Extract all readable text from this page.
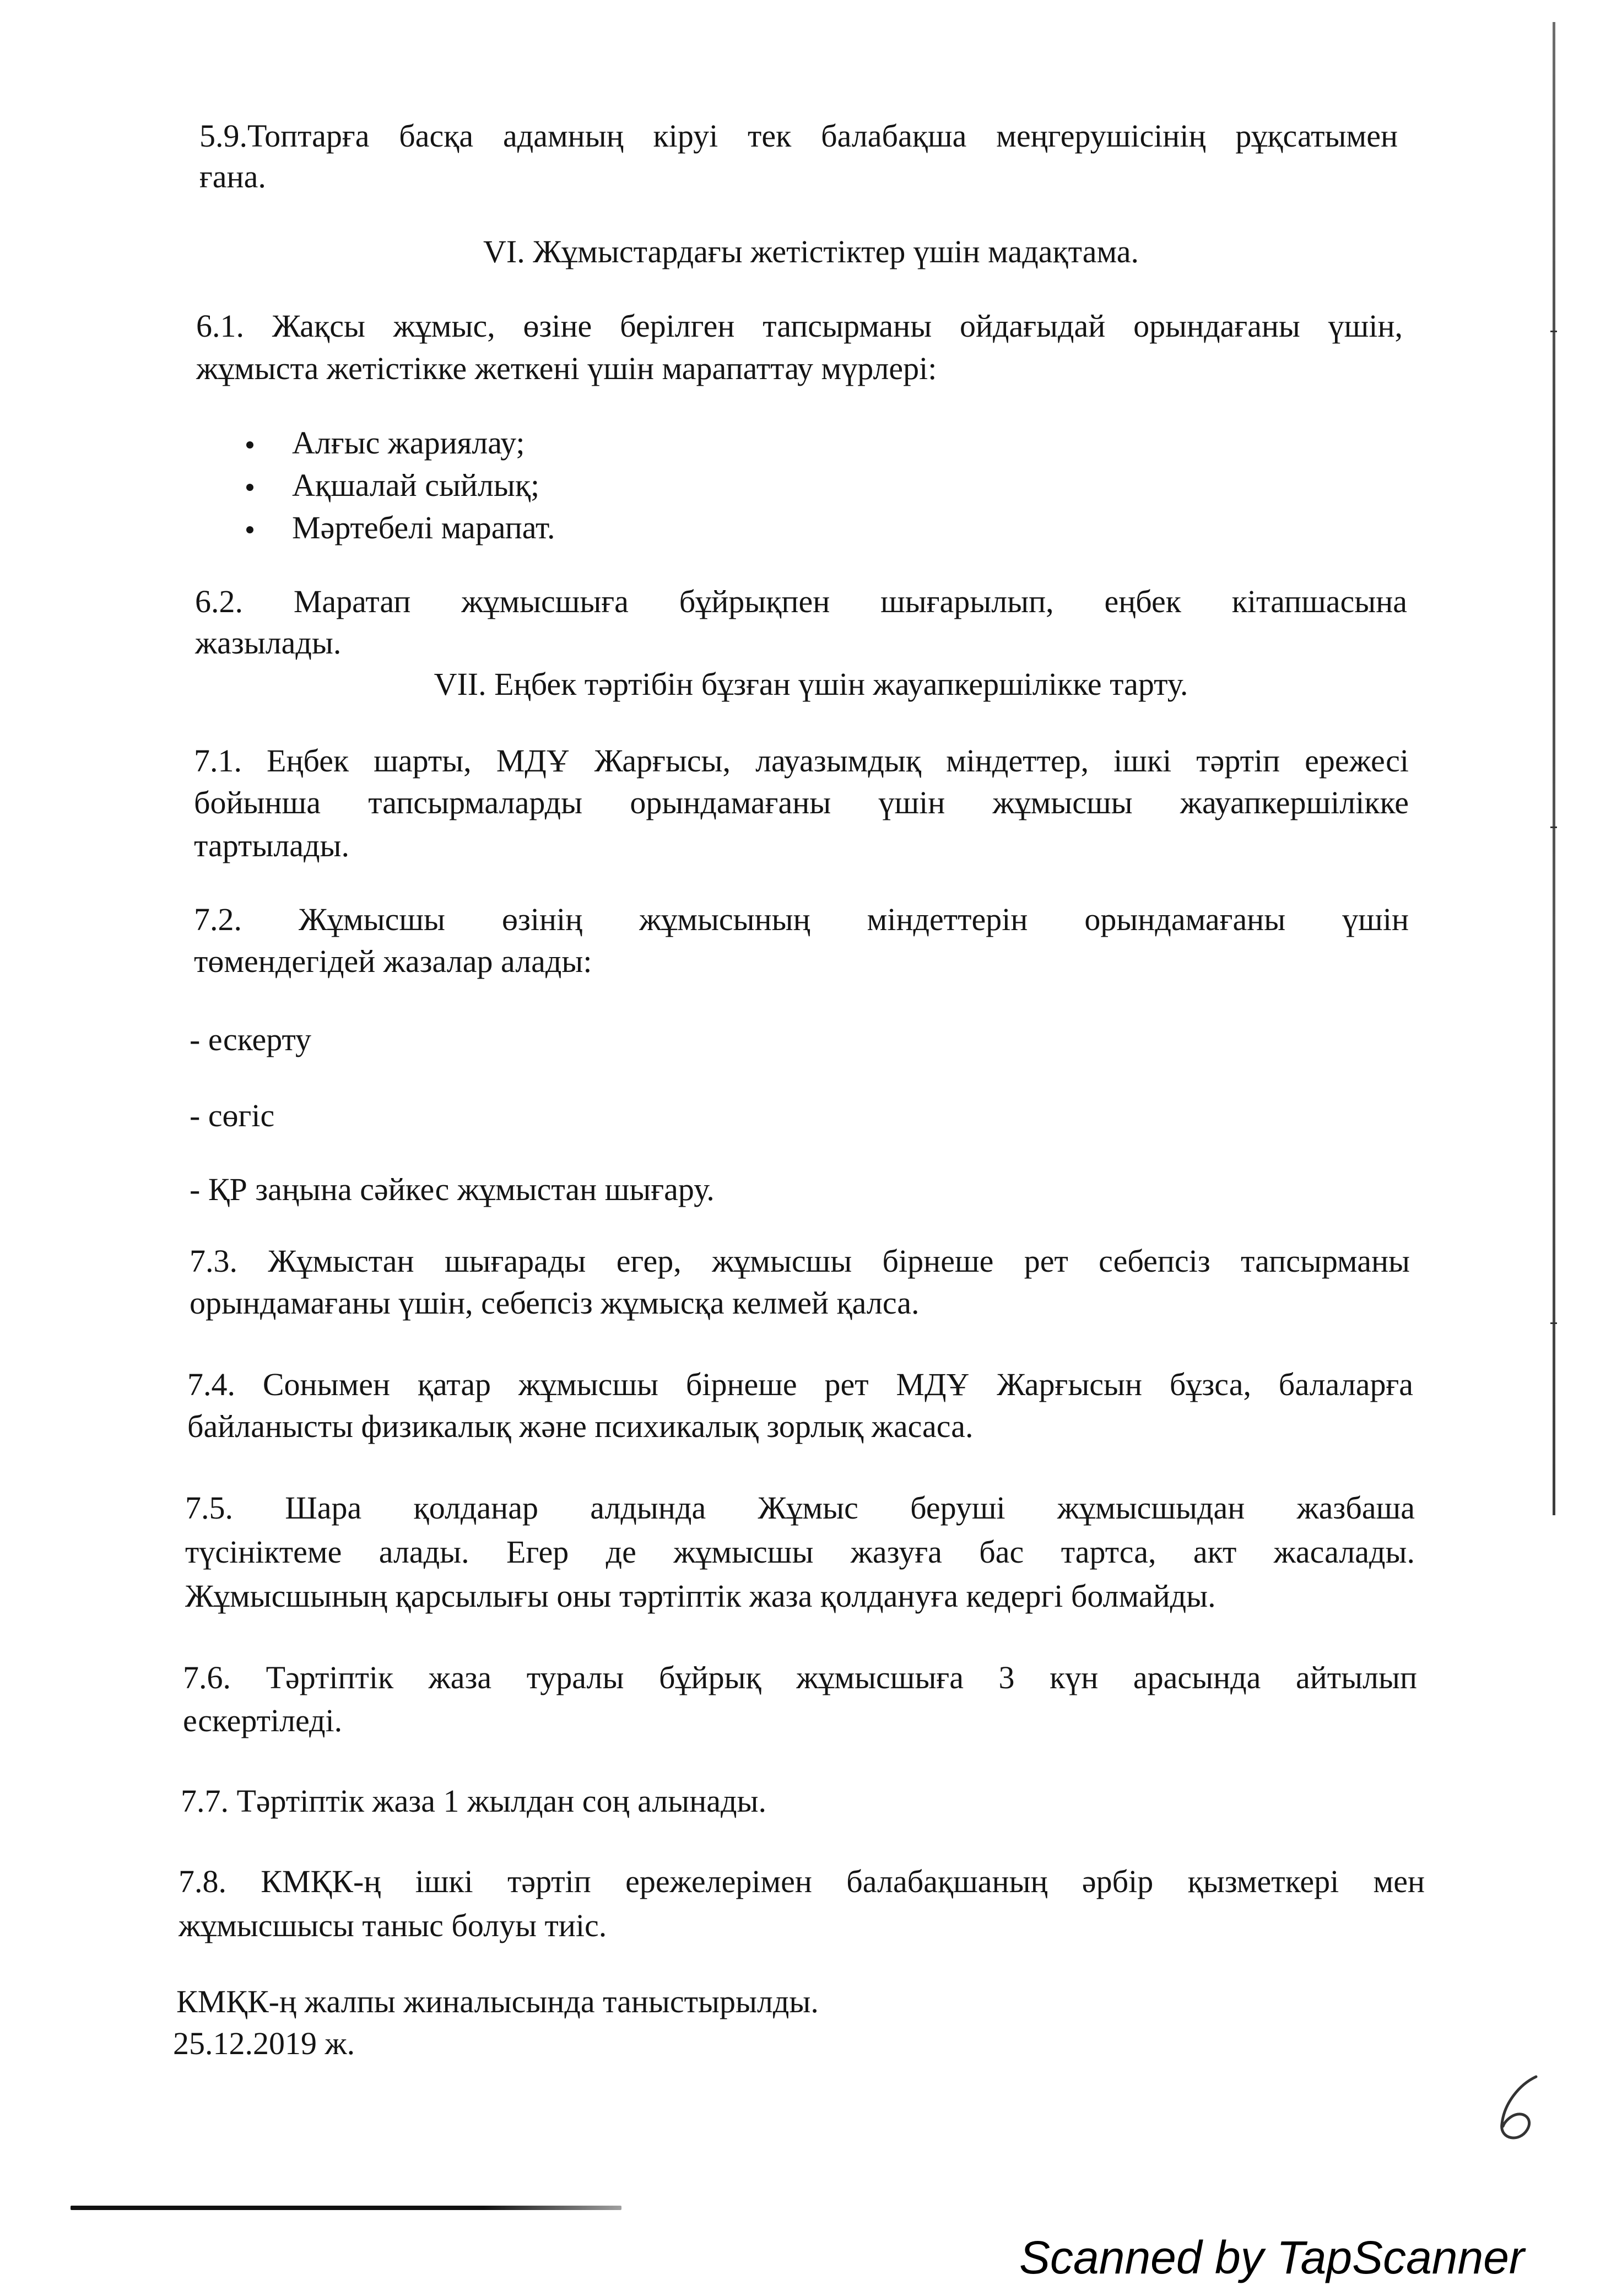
5.9.Топтарға басқа адамның кіруі тек балабақша меңгерушісінің рұқсатымен
ғана.
VI. Жұмыстардағы жетістіктер үшін мадақтама.
6.1. Жақсы жұмыс, өзіне берілген тапсырманы ойдағыдай орындағаны үшін,
жұмыста жетістікке жеткені үшін марапаттау мүрлері:
Алғыс жариялау;
Ақшалай сыйлық;
Мәртебелі марапат.
6.2. Маратап жұмысшыға бұйрықпен шығарылып, еңбек кітапшасына
жазылады.
VII. Еңбек тәртібін бұзған үшін жауапкершілікке тарту.
7.1. Еңбек шарты, МДҰ Жарғысы, лауазымдық міндеттер, ішкі тәртіп ережесі
бойынша тапсырмаларды орындамағаны үшін жұмысшы жауапкершілікке
тартылады.
7.2. Жұмысшы өзінің жұмысының міндеттерін орындамағаны үшін
төмендегідей жазалар алады:
- ескерту
- сөгіс
- ҚР заңына сәйкес жұмыстан шығару.
7.3. Жұмыстан шығарады егер, жұмысшы бірнеше рет себепсіз тапсырманы
орындамағаны үшін, себепсіз жұмысқа келмей қалса.
7.4. Сонымен қатар жұмысшы бірнеше рет МДҰ Жарғысын бұзса, балаларға
байланысты физикалық және психикалық зорлық жасаса.
7.5. Шара қолданар алдында Жұмыс беруші жұмысшыдан жазбаша
түсініктеме алады. Егер де жұмысшы жазуға бас тартса, акт жасалады.
Жұмысшының қарсылығы оны тәртіптік жаза қолдануға кедергі болмайды.
7.6. Тәртіптік жаза туралы бұйрық жұмысшыға 3 күн арасында айтылып
ескертіледі.
7.7. Тәртіптік жаза 1 жылдан соң алынады.
7.8. КМҚК-ң ішкі тәртіп ережелерімен балабақшаның әрбір қызметкері мен
жұмысшысы таныс болуы тиіс.
КМҚК-ң жалпы жиналысында таныстырылды.
25.12.2019 ж.
Scanned by TapScanner
